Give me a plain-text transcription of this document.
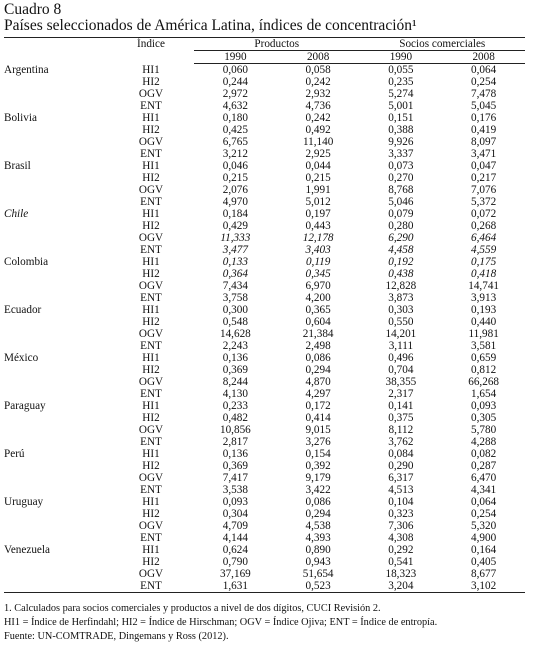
Cuadro 8
Países seleccionados de América Latina, índices de concentración¹
	Índice	Productos		Socios comerciales	
		1990	2008	1990	2008
Argentina	HI1	0,060	0,058	0,055	0,064
	HI2	0,244	0,242	0,235	0,254
	OGV	2,972	2,932	5,274	7,478
	ENT	4,632	4,736	5,001	5,045
Bolivia	HI1	0,180	0,242	0,151	0,176
	HI2	0,425	0,492	0,388	0,419
	OGV	6,765	11,140	9,926	8,097
	ENT	3,212	2,925	3,337	3,471
Brasil	HI1	0,046	0,044	0,073	0,047
	HI2	0,215	0,215	0,270	0,217
	OGV	2,076	1,991	8,768	7,076
	ENT	4,970	5,012	5,046	5,372
Chile	HI1	0,184	0,197	0,079	0,072
	HI2	0,429	0,443	0,280	0,268
	OGV	11,333	12,178	6,290	6,464
	ENT	3,477	3,403	4,458	4,559
Colombia	HI1	0,133	0,119	0,192	0,175
	HI2	0,364	0,345	0,438	0,418
	OGV	7,434	6,970	12,828	14,741
	ENT	3,758	4,200	3,873	3,913
Ecuador	HI1	0,300	0,365	0,303	0,193
	HI2	0,548	0,604	0,550	0,440
	OGV	14,628	21,384	14,201	11,981
	ENT	2,243	2,498	3,111	3,581
México	HI1	0,136	0,086	0,496	0,659
	HI2	0,369	0,294	0,704	0,812
	OGV	8,244	4,870	38,355	66,268
	ENT	4,130	4,297	2,317	1,654
Paraguay	HI1	0,233	0,172	0,141	0,093
	HI2	0,482	0,414	0,375	0,305
	OGV	10,856	9,015	8,112	5,780
	ENT	2,817	3,276	3,762	4,288
Perú	HI1	0,136	0,154	0,084	0,082
	HI2	0,369	0,392	0,290	0,287
	OGV	7,417	9,179	6,317	6,470
	ENT	3,538	3,422	4,513	4,341
Uruguay	HI1	0,093	0,086	0,104	0,064
	HI2	0,304	0,294	0,323	0,254
	OGV	4,709	4,538	7,306	5,320
	ENT	4,144	4,393	4,308	4,900
Venezuela	HI1	0,624	0,890	0,292	0,164
	HI2	0,790	0,943	0,541	0,405
	OGV	37,169	51,654	18,323	8,677
	ENT	1,631	0,523	3,204	3,102
1. Calculados para socios comerciales y productos a nivel de dos dígitos, CUCI Revisión 2.
HI1 = Índice de Herfindahl; HI2 = Índice de Hirschman; OGV = Índice Ojiva; ENT = Índice de entropía.
Fuente: UN-COMTRADE, Dingemans y Ross (2012).
